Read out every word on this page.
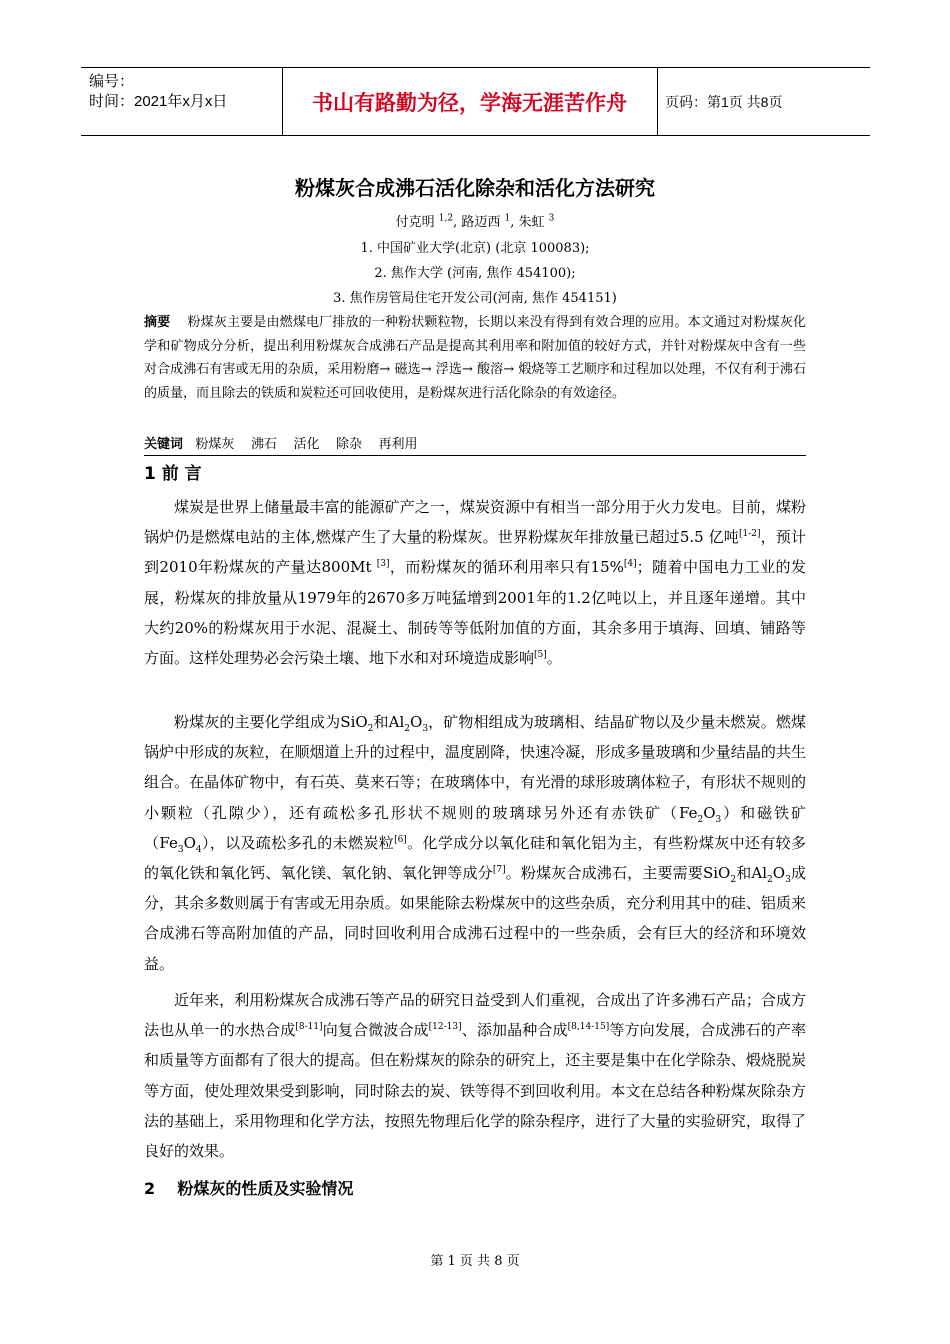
编号：
时间：2021年x月x日	书山有路勤为径，学海无涯苦作舟	页码：第1页 共8页
粉煤灰合成沸石活化除杂和活化方法研究
付克明 $^{1,2}$, 路迈西 $^1$, 朱虹 $^3$
1. 中国矿业大学(北京) (北京 100083);
2. 焦作大学 (河南, 焦作 454100);
3. 焦作房管局住宅开发公司(河南, 焦作 454151)
摘要 粉煤灰主要是由燃煤电厂排放的一种粉状颗粒物，长期以来没有得到有效合理的应用。本文通过对粉煤灰化学和矿物成分分析，提出利用粉煤灰合成沸石产品是提高其利用率和附加值的较好方式，并针对粉煤灰中含有一些对合成沸石有害或无用的杂质，采用粉磨→ 磁选→ 浮选→ 酸溶→ 煅烧等工艺顺序和过程加以处理，不仅有利于沸石的质量，而且除去的铁质和炭粒还可回收使用，是粉煤灰进行活化除杂的有效途径。
关键词 粉煤灰    沸石    活化    除杂    再利用
1 前 言
煤炭是世界上储量最丰富的能源矿产之一，煤炭资源中有相当一部分用于火力发电。目前，煤粉锅炉仍是燃煤电站的主体,燃煤产生了大量的粉煤灰。世界粉煤灰年排放量已超过5.5 亿吨[1-2]，预计到2010年粉煤灰的产量达800Mt [3]，而粉煤灰的循环利用率只有15%[4]；随着中国电力工业的发展，粉煤灰的排放量从1979年的2670多万吨猛增到2001年的1.2亿吨以上，并且逐年递增。其中大约20%的粉煤灰用于水泥、混凝土、制砖等等低附加值的方面，其余多用于填海、回填、铺路等方面。这样处理势必会污染土壤、地下水和对环境造成影响[5]。
粉煤灰的主要化学组成为SiO$_2$和$Al_2O_3$，矿物相组成为玻璃相、结晶矿物以及少量未燃炭。燃煤锅炉中形成的灰粒，在顺烟道上升的过程中，温度剧降，快速冷凝，形成多量玻璃和少量结晶的共生组合。在晶体矿物中，有石英、莫来石等；在玻璃体中，有光滑的球形玻璃体粒子，有形状不规则的小颗粒（孔隙少），还有疏松多孔形状不规则的玻璃球另外还有赤铁矿$(Fe_2O_3)$和磁铁矿$(Fe_3O_4)$，以及疏松多孔的未燃炭粒[6]。化学成分以氧化硅和氧化铝为主，有些粉煤灰中还有较多的氧化铁和氧化钙、氧化镁、氧化钠、氧化钾等成分[7]。粉煤灰合成沸石，主要需要SiO$_2$和$Al_2O_3$成分，其余多数则属于有害或无用杂质。如果能除去粉煤灰中的这些杂质，充分利用其中的硅、铝质来合成沸石等高附加值的产品，同时回收利用合成沸石过程中的一些杂质，会有巨大的经济和环境效益。
近年来，利用粉煤灰合成沸石等产品的研究日益受到人们重视，合成出了许多沸石产品；合成方法也从单一的水热合成[8-11]向复合微波合成[12-13]、添加晶种合成[8,14-15]等方向发展，合成沸石的产率和质量等方面都有了很大的提高。但在粉煤灰的除杂的研究上，还主要是集中在化学除杂、煅烧脱炭等方面，使处理效果受到影响，同时除去的炭、铁等得不到回收利用。本文在总结各种粉煤灰除杂方法的基础上，采用物理和化学方法，按照先物理后化学的除杂程序，进行了大量的实验研究，取得了良好的效果。
2    粉煤灰的性质及实验情况
第 1 页 共 8 页
